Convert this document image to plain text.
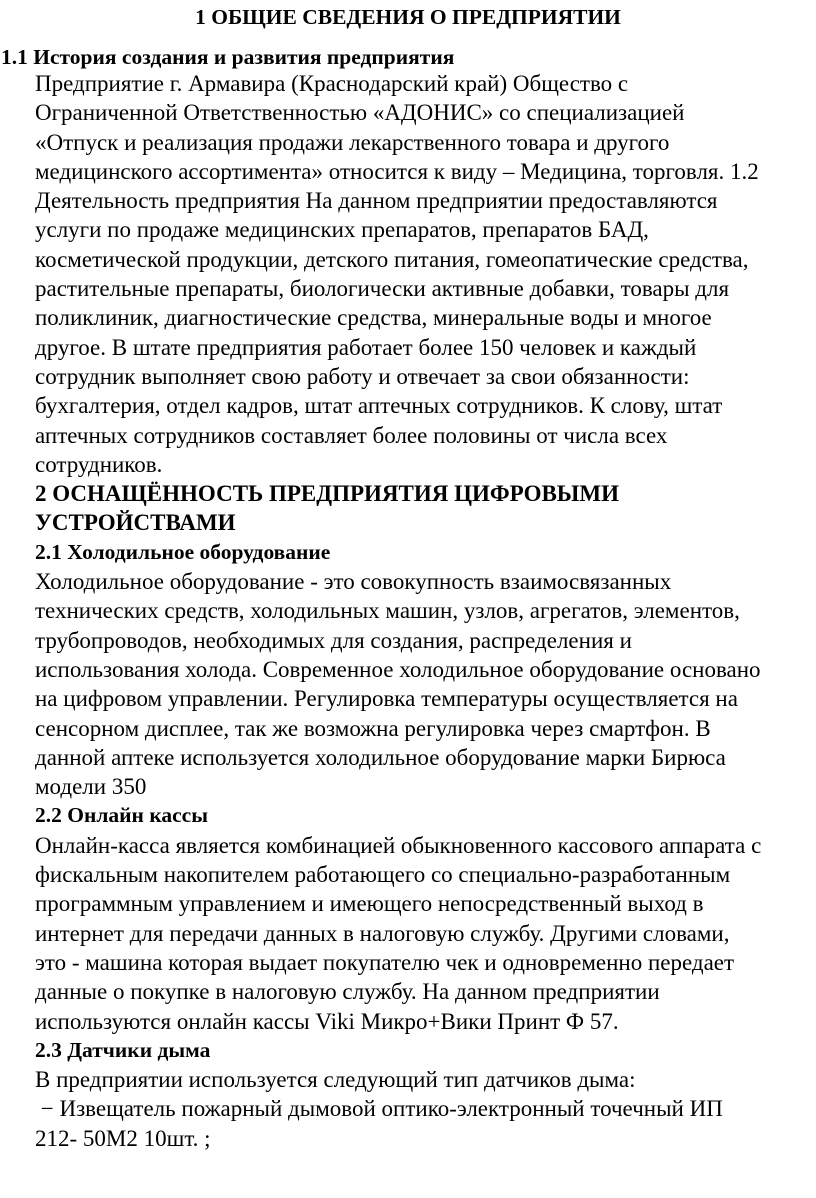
1 ОБЩИЕ СВЕДЕНИЯ О ПРЕДПРИЯТИИ
1.1 История создания и развития предприятия
Предприятие г. Армавира (Краснодарский край) Общество с
Ограниченной Ответственностью «АДОНИС» со специализацией
«Отпуск и реализация продажи лекарственного товара и другого
медицинского ассортимента» относится к виду – Медицина, торговля. 1.2
Деятельность предприятия На данном предприятии предоставляются
услуги по продаже медицинских препаратов, препаратов БАД,
косметической продукции, детского питания, гомеопатические средства,
растительные препараты, биологически активные добавки, товары для
поликлиник, диагностические средства, минеральные воды и многое
другое. В штате предприятия работает более 150 человек и каждый
сотрудник выполняет свою работу и отвечает за свои обязанности:
бухгалтерия, отдел кадров, штат аптечных сотрудников. К слову, штат
аптечных сотрудников составляет более половины от числа всех
сотрудников.
2 ОСНАЩЁННОСТЬ ПРЕДПРИЯТИЯ ЦИФРОВЫМИ
УСТРОЙСТВАМИ
2.1 Холодильное оборудование
Холодильное оборудование - это совокупность взаимосвязанных
технических средств, холодильных машин, узлов, агрегатов, элементов,
трубопроводов, необходимых для создания, распределения и
использования холода. Современное холодильное оборудование основано
на цифровом управлении. Регулировка температуры осуществляется на
сенсорном дисплее, так же возможна регулировка через смартфон. В
данной аптеке используется холодильное оборудование марки Бирюса
модели 350
2.2 Онлайн кассы
Онлайн-касса является комбинацией обыкновенного кассового аппарата с
фискальным накопителем работающего со специально-разработанным
программным управлением и имеющего непосредственный выход в
интернет для передачи данных в налоговую службу. Другими словами,
это - машина которая выдает покупателю чек и одновременно передает
данные о покупке в налоговую службу. На данном предприятии
используются онлайн кассы Viki Микро+Вики Принт Ф 57.
2.3 Датчики дыма
В предприятии используется следующий тип датчиков дыма:
− Извещатель пожарный дымовой оптико-электронный точечный ИП
212- 50М2 10шт. ;
